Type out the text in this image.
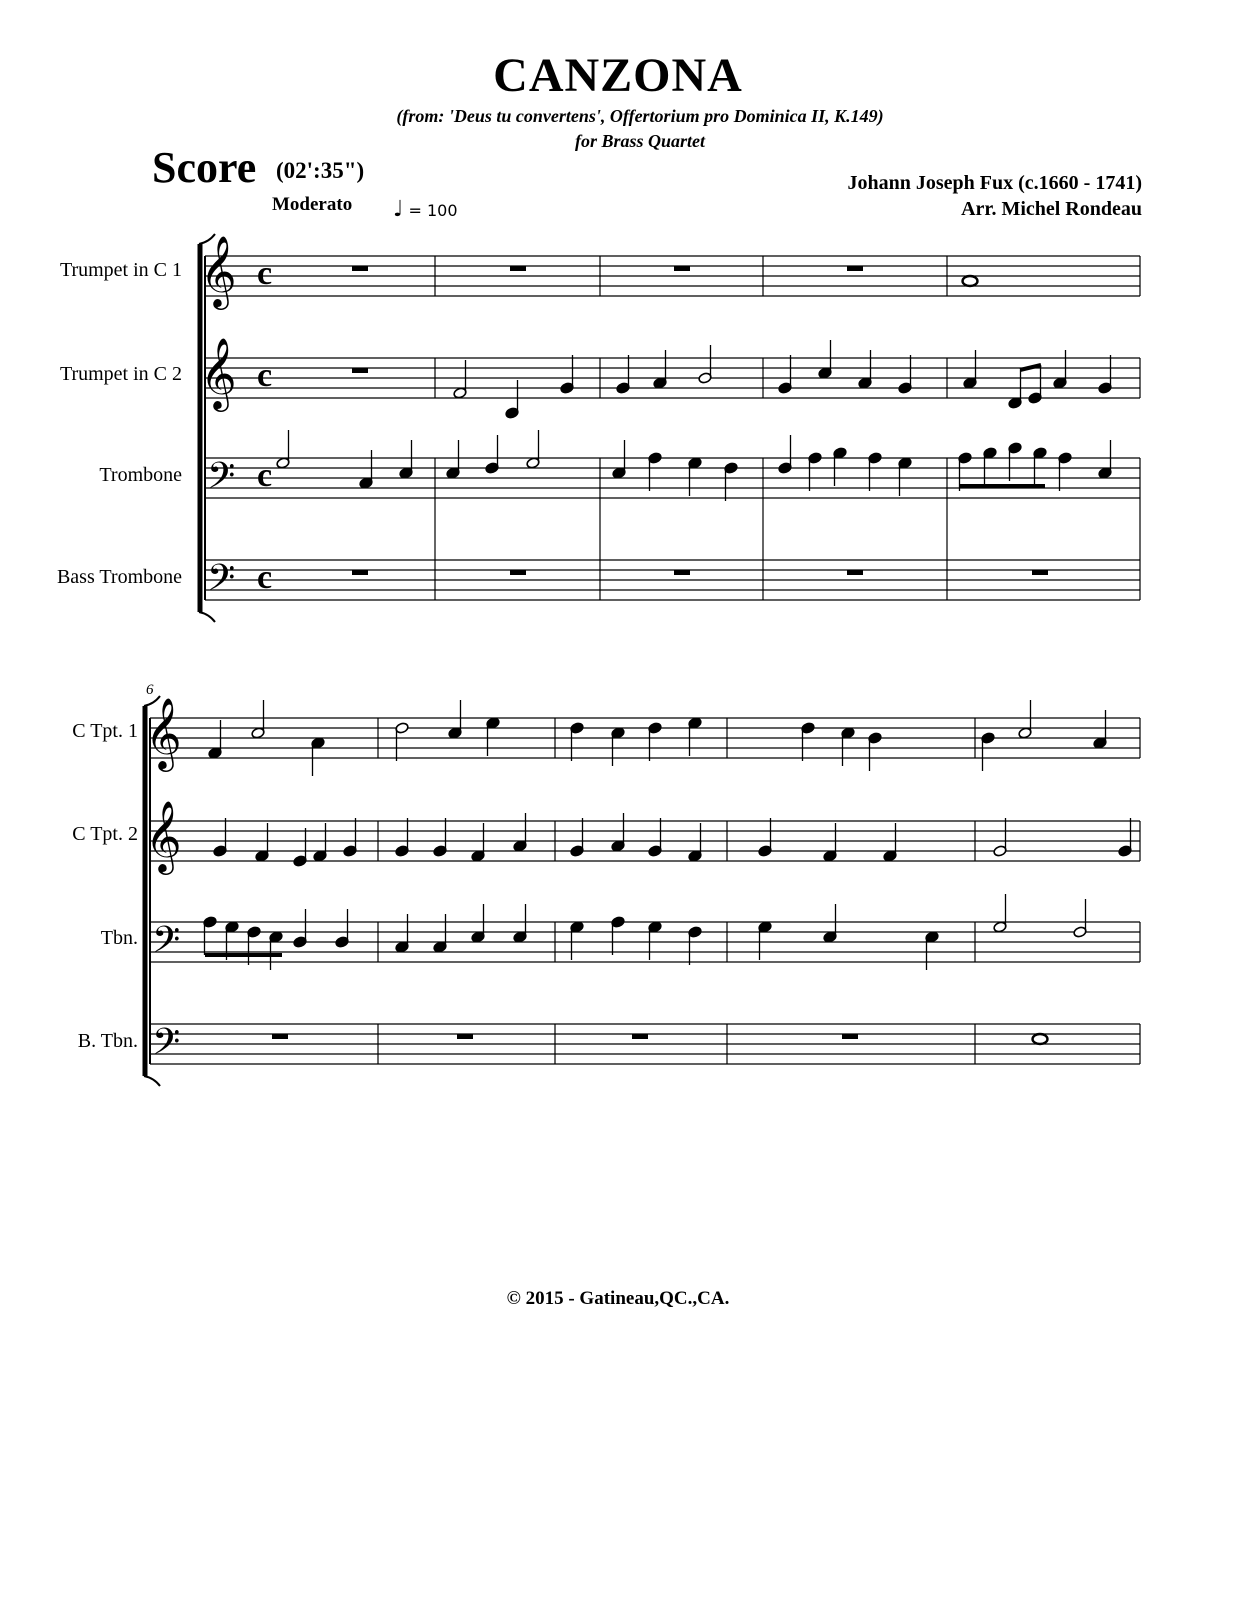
CANZONA
(from: 'Deus tu convertens', Offertorium pro Dominica II, K.149)
for Brass Quartet
Score (02':35")
Moderato ♩ = 100
Johann Joseph Fux (c.1660 - 1741)
Arr. Michel Rondeau
Trumpet in C 1
Trumpet in C 2
Trombone
Bass Trombone
C Tpt. 1
C Tpt. 2
Tbn.
B. Tbn.
© 2015 - Gatineau,QC.,CA.
𝄞
𝄞
𝄢
𝄢
c
c
c
c
𝄞
𝄞
𝄢
𝄢
6
